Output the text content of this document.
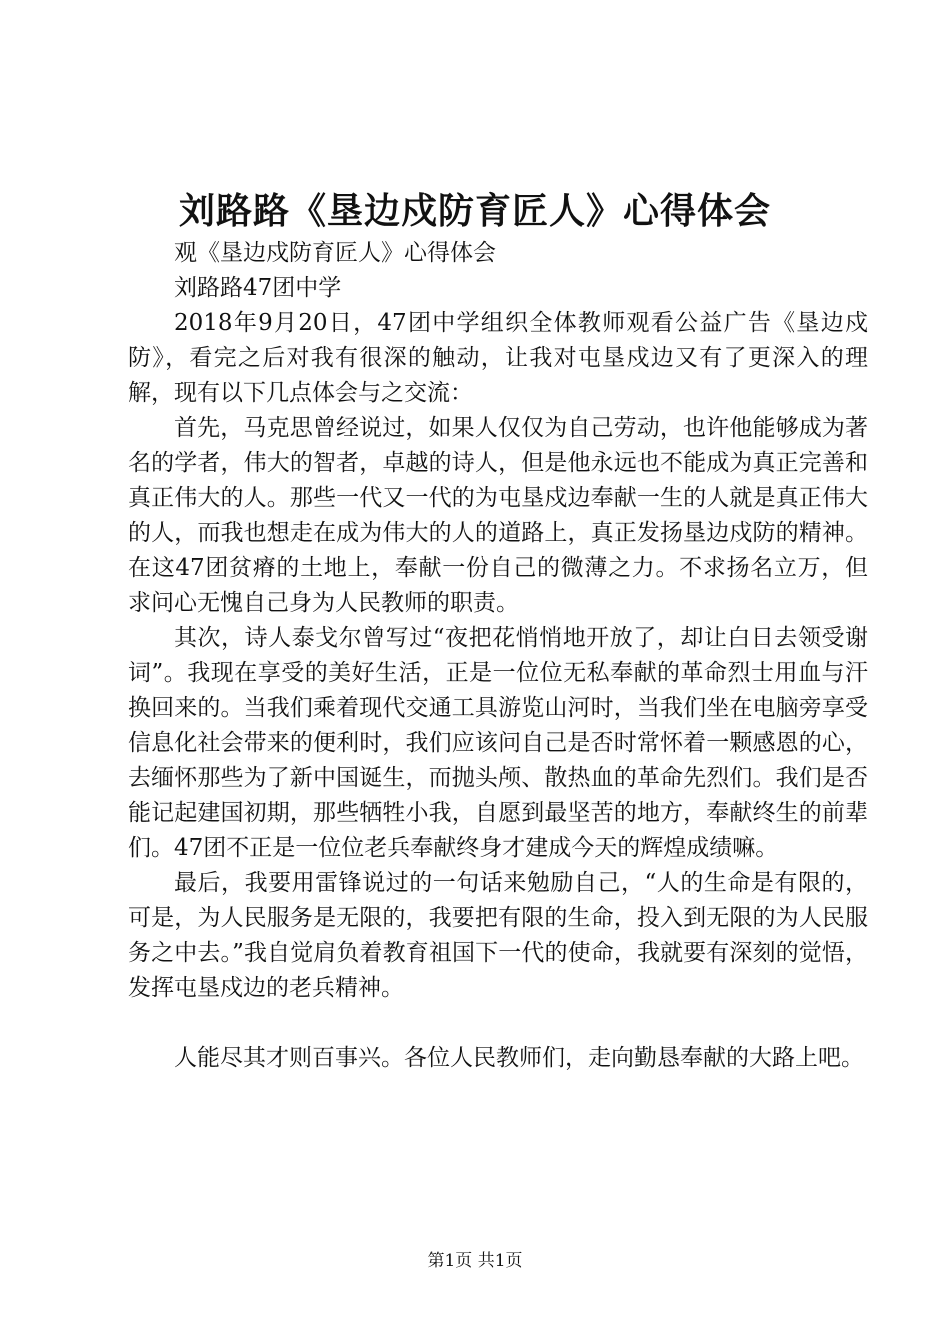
刘路路《垦边戍防育匠人》心得体会

观《垦边戍防育匠人》心得体会

刘路路47团中学

2018年9月20日，47团中学组织全体教师观看公益广告《垦边戍防》，看完之后对我有很深的触动，让我对屯垦戍边又有了更深入的理解，现有以下几点体会与之交流：

首先，马克思曾经说过，如果人仅仅为自己劳动，也许他能够成为著名的学者，伟大的智者，卓越的诗人，但是他永远也不能成为真正完善和真正伟大的人。那些一代又一代的为屯垦戍边奉献一生的人就是真正伟大的人，而我也想走在成为伟大的人的道路上，真正发扬垦边戍防的精神。在这47团贫瘠的土地上，奉献一份自己的微薄之力。不求扬名立万，但求问心无愧自己身为人民教师的职责。

其次，诗人泰戈尔曾写过“夜把花悄悄地开放了，却让白日去领受谢词”。我现在享受的美好生活，正是一位位无私奉献的革命烈士用血与汗换回来的。当我们乘着现代交通工具游览山河时，当我们坐在电脑旁享受信息化社会带来的便利时，我们应该问自己是否时常怀着一颗感恩的心，去缅怀那些为了新中国诞生，而抛头颅、散热血的革命先烈们。我们是否能记起建国初期，那些牺牲小我，自愿到最坚苦的地方，奉献终生的前辈们。47团不正是一位位老兵奉献终身才建成今天的辉煌成绩嘛。

最后，我要用雷锋说过的一句话来勉励自己，“人的生命是有限的，可是，为人民服务是无限的，我要把有限的生命，投入到无限的为人民服务之中去。”我自觉肩负着教育祖国下一代的使命，我就要有深刻的觉悟，发挥屯垦戍边的老兵精神。

人能尽其才则百事兴。各位人民教师们，走向勤恳奉献的大路上吧。

第1页 共1页
